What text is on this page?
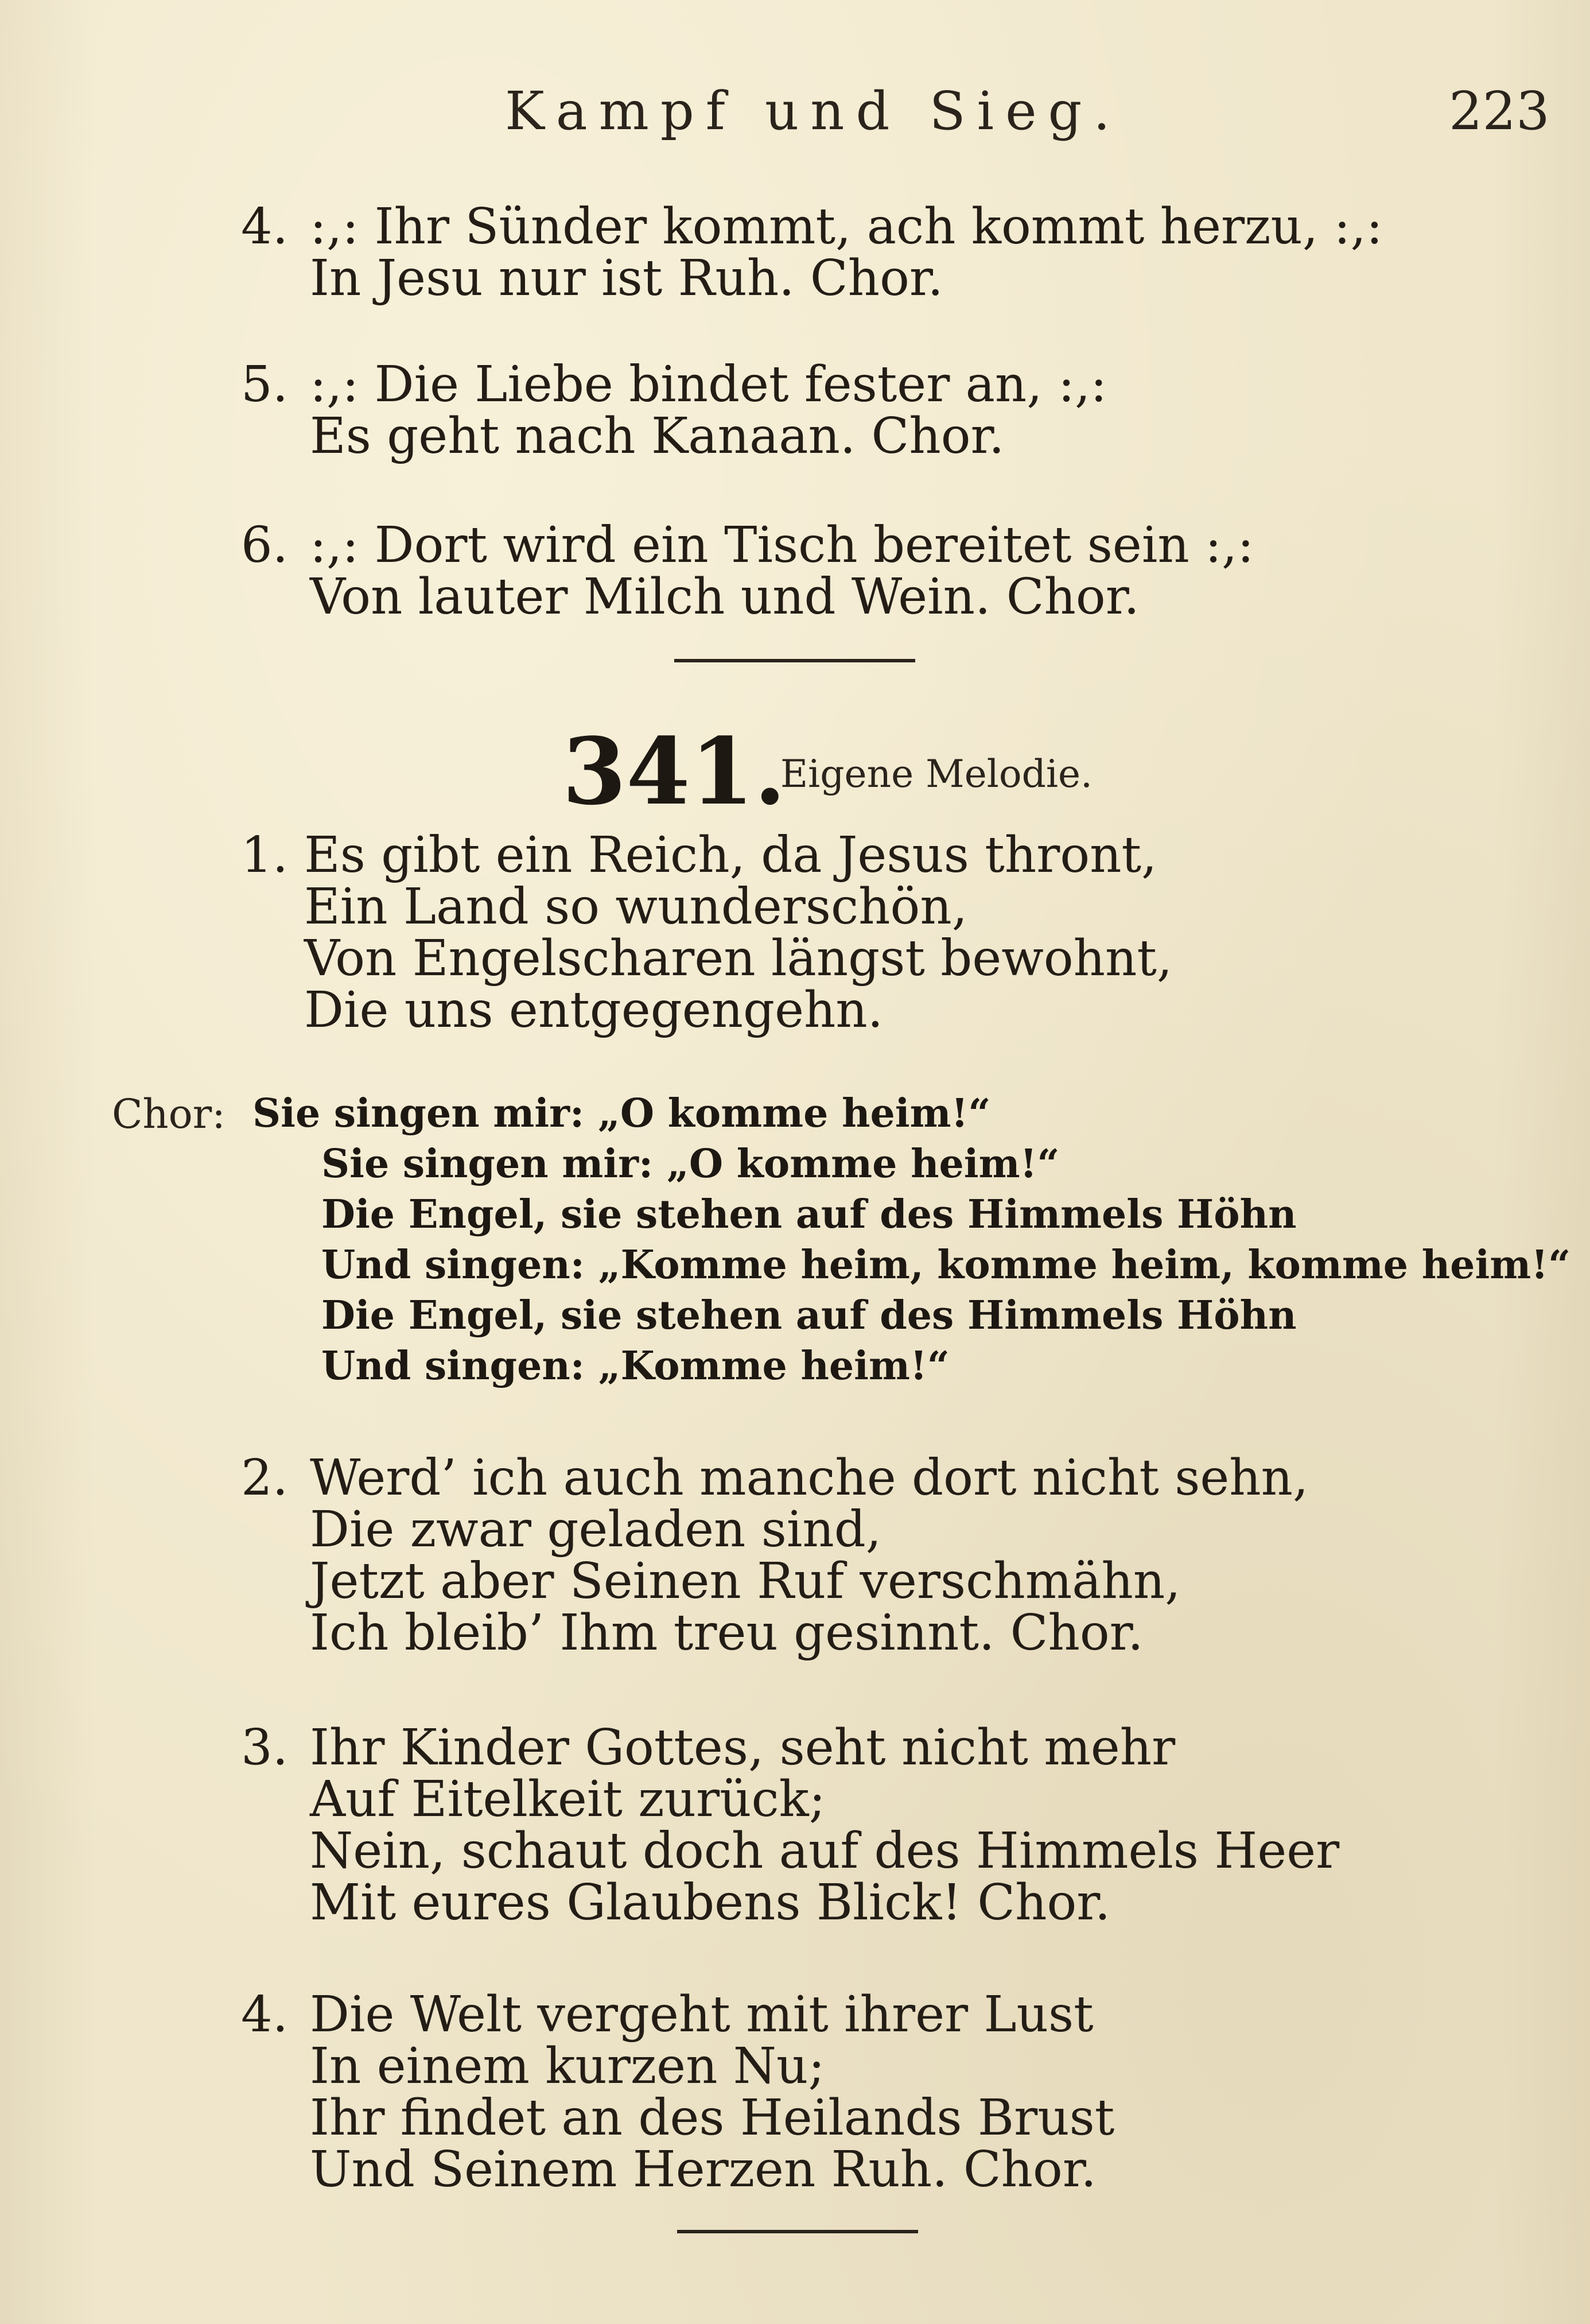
Kampf und Sieg.	223
4. :,: Ihr Sünder kommt, ach kommt herzu, :,:
In Jesu nur ist Ruh. Chor.
5. :,: Die Liebe bindet fester an, :,:
Es geht nach Kanaan. Chor.
6. :,: Dort wird ein Tisch bereitet sein :,:
Von lauter Milch und Wein. Chor.
341.
Eigene Melodie.
1. Es gibt ein Reich, da Jesus thront,
Ein Land so wunderschön,
Von Engelscharen längst bewohnt,
Die uns entgegengehn.
Chor: Sie singen mir: „O komme heim!“
Sie singen mir: „O komme heim!“
Die Engel, sie stehen auf des Himmels Höhn
Und singen: „Komme heim, komme heim, komme heim!“
Die Engel, sie stehen auf des Himmels Höhn
Und singen: „Komme heim!“
2. Werd’ ich auch manche dort nicht sehn,
Die zwar geladen sind,
Jetzt aber Seinen Ruf verschmähn,
Ich bleib’ Ihm treu gesinnt. Chor.
3. Ihr Kinder Gottes, seht nicht mehr
Auf Eitelkeit zurück;
Nein, schaut doch auf des Himmels Heer
Mit eures Glaubens Blick! Chor.
4. Die Welt vergeht mit ihrer Lust
In einem kurzen Nu;
Ihr findet an des Heilands Brust
Und Seinem Herzen Ruh. Chor.
